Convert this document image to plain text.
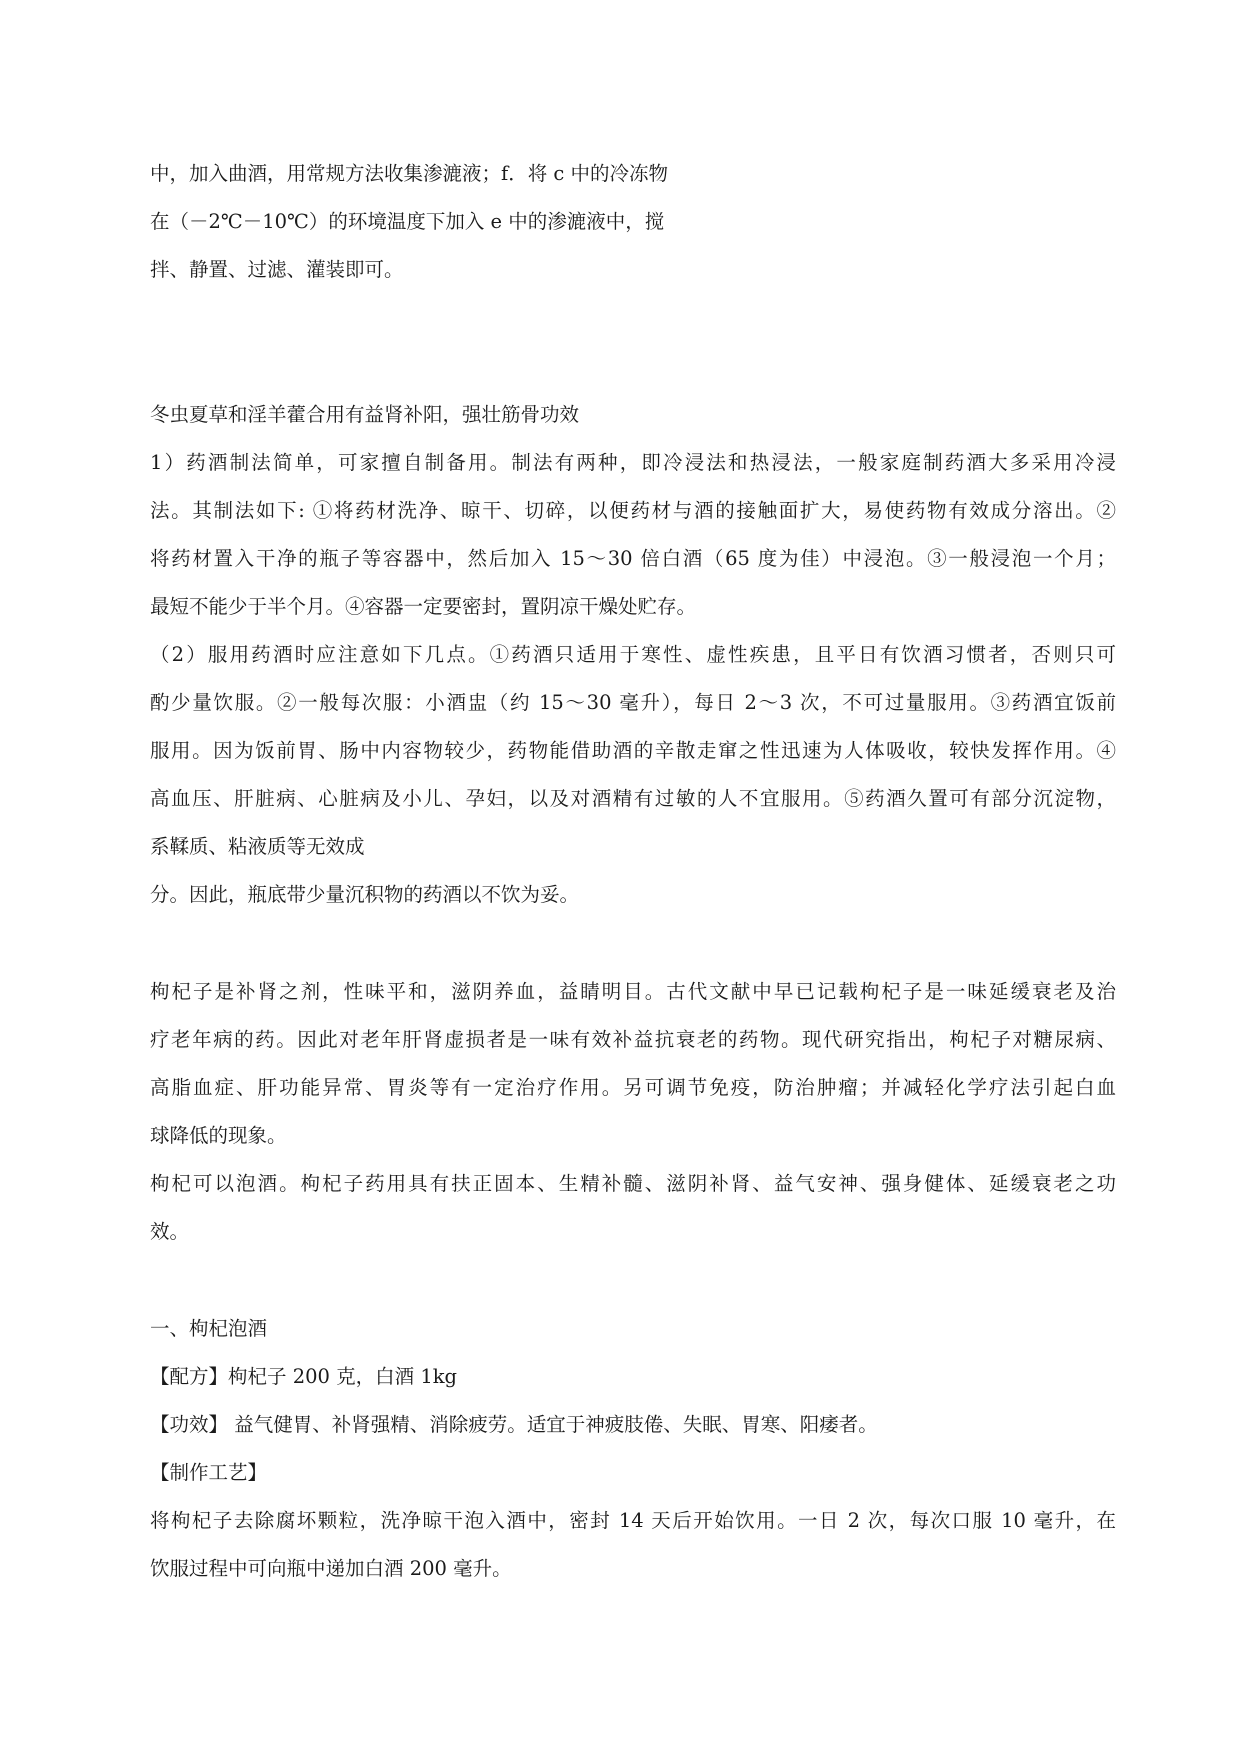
中，加入曲酒，用常规方法收集渗漉液；f．将 c 中的冷冻物
在（－2℃－10℃）的环境温度下加入 e 中的渗漉液中，搅
拌、静置、过滤、灌装即可。
冬虫夏草和淫羊藿合用有益肾补阳，强壮筋骨功效
1）药酒制法简单，可家擅自制备用。制法有两种，即冷浸法和热浸法，一般家庭制药酒大多采用冷浸
法。其制法如下: ①将药材洗净、晾干、切碎，以便药材与酒的接触面扩大，易使药物有效成分溶出。②
将药材置入干净的瓶子等容器中，然后加入 15～30 倍白酒（65 度为佳）中浸泡。③一般浸泡一个月；
最短不能少于半个月。④容器一定要密封，置阴凉干燥处贮存。
（2）服用药酒时应注意如下几点。①药酒只适用于寒性、虚性疾患，且平日有饮酒习惯者，否则只可
酌少量饮服。②一般每次服：小酒盅（约 15～30 毫升），每日 2～3 次，不可过量服用。③药酒宜饭前
服用。因为饭前胃、肠中内容物较少，药物能借助酒的辛散走窜之性迅速为人体吸收，较快发挥作用。④
高血压、肝脏病、心脏病及小儿、孕妇，以及对酒精有过敏的人不宜服用。⑤药酒久置可有部分沉淀物，
系鞣质、粘液质等无效成
分。因此，瓶底带少量沉积物的药酒以不饮为妥。
枸杞子是补肾之剂，性味平和，滋阴养血，益睛明目。古代文献中早已记载枸杞子是一味延缓衰老及治
疗老年病的药。因此对老年肝肾虚损者是一味有效补益抗衰老的药物。现代研究指出，枸杞子对糖尿病、
高脂血症、肝功能异常、胃炎等有一定治疗作用。另可调节免疫，防治肿瘤；并减轻化学疗法引起白血
球降低的现象。
枸杞可以泡酒。枸杞子药用具有扶正固本、生精补髓、滋阴补肾、益气安神、强身健体、延缓衰老之功
效。
一、枸杞泡酒
【配方】枸杞子 200 克，白酒 1kg
【功效】 益气健胃、补肾强精、消除疲劳。适宜于神疲肢倦、失眠、胃寒、阳痿者。
【制作工艺】
将枸杞子去除腐坏颗粒，洗净晾干泡入酒中，密封 14 天后开始饮用。一日 2 次，每次口服 10 毫升，在
饮服过程中可向瓶中递加白酒 200 毫升。
